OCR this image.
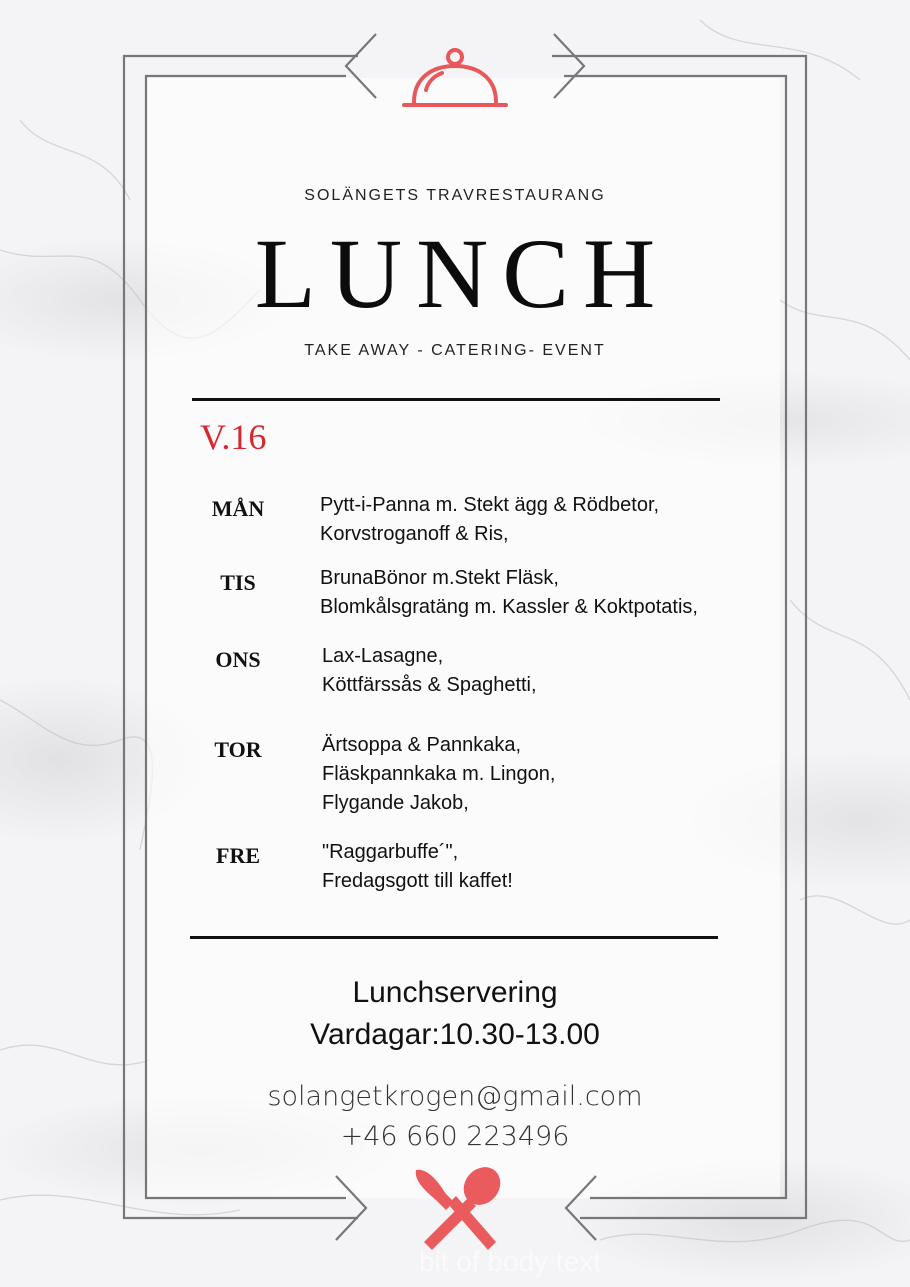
SOLÄNGETS TRAVRESTAURANG
LUNCH
TAKE AWAY - CATERING- EVENT
V.16
MÅN	Pytt-i-Panna m. Stekt ägg & Rödbetor,
Korvstroganoff & Ris,
TIS	BrunaBönor m.Stekt Fläsk,
Blomkålsgratäng m. Kassler & Koktpotatis,
ONS	Lax-Lasagne,
Köttfärssås & Spaghetti,
TOR	Ärtsoppa & Pannkaka,
Fläskpannkaka m. Lingon,
Flygande Jakob,
FRE	"Raggarbuffe´",
Fredagsgott till kaffet!
Lunchservering
Vardagar:10.30-13.00
solangetkrogen@gmail.com
+46 660 223496
bit of body text
